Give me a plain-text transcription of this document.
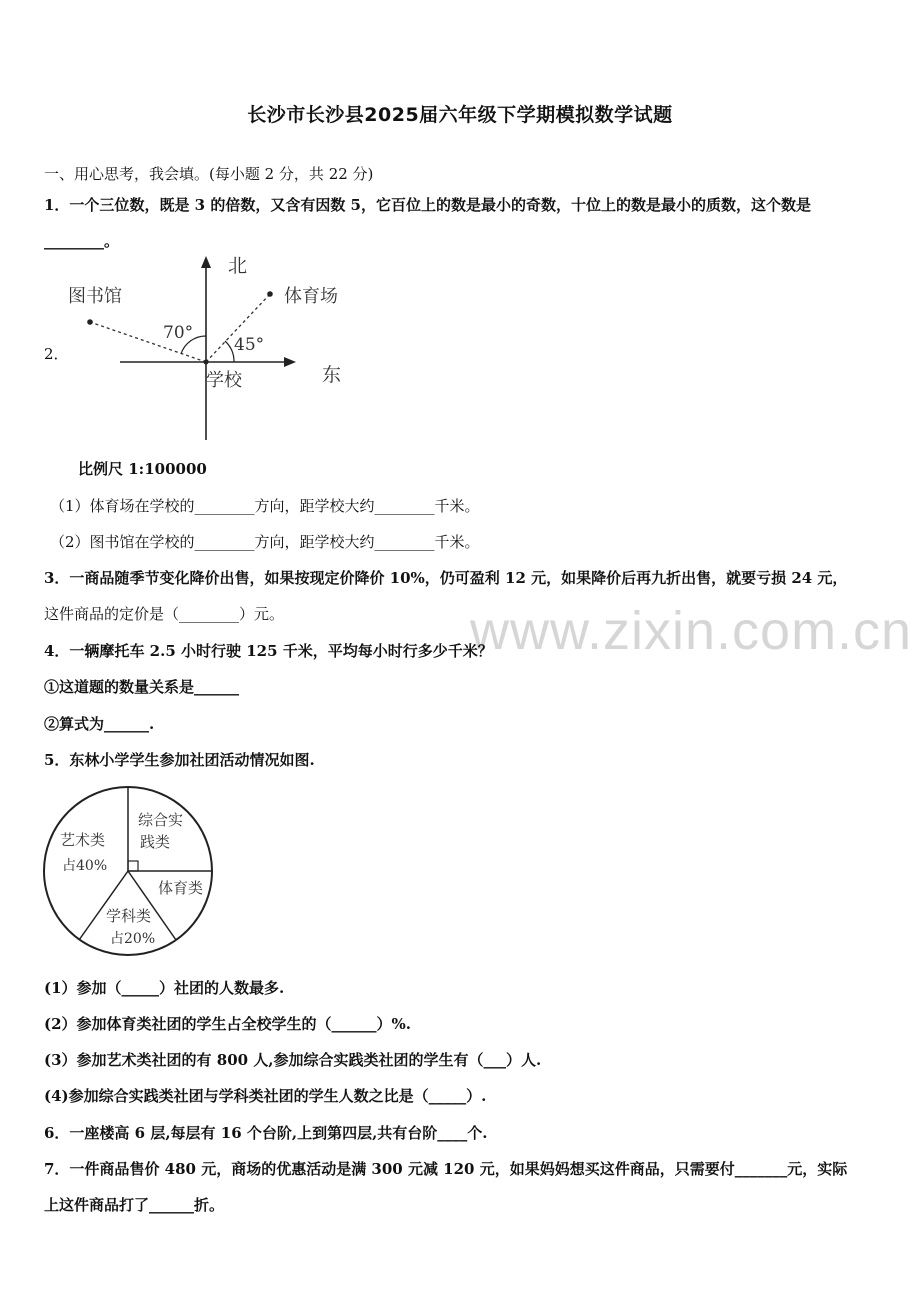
www.zixin.com.cn
长沙市长沙县2025届六年级下学期模拟数学试题
一、用心思考，我会填。(每小题 2 分，共 22 分)
1．一个三位数，既是 3 的倍数，又含有因数 5，它百位上的数是最小的奇数，十位上的数是最小的质数，这个数是
________。
2．
北
东
图书馆	体育场
学校
70°
45°
比例尺 1:100000
（1）体育场在学校的________方向，距学校大约________千米。
（2）图书馆在学校的________方向，距学校大约________千米。
3．一商品随季节变化降价出售，如果按现定价降价 10%，仍可盈利 12 元，如果降价后再九折出售，就要亏损 24 元，
这件商品的定价是（________）元。
4．一辆摩托车 2.5 小时行驶 125 千米，平均每小时行多少千米？
①这道题的数量关系是______
②算式为______.
5．东林小学学生参加社团活动情况如图.
艺术类
占40%
综合实
践类
体育类
学科类
占20%
(1）参加（_____）社团的人数最多.
(2）参加体育类社团的学生占全校学生的（______）%.
(3）参加艺术类社团的有 800 人,参加综合实践类社团的学生有（___）人.
(4)参加综合实践类社团与学科类社团的学生人数之比是（_____）.
6．一座楼高 6 层,每层有 16 个台阶,上到第四层,共有台阶____个.
7．一件商品售价 480 元，商场的优惠活动是满 300 元减 120 元，如果妈妈想买这件商品，只需要付_______元，实际
上这件商品打了______折。
